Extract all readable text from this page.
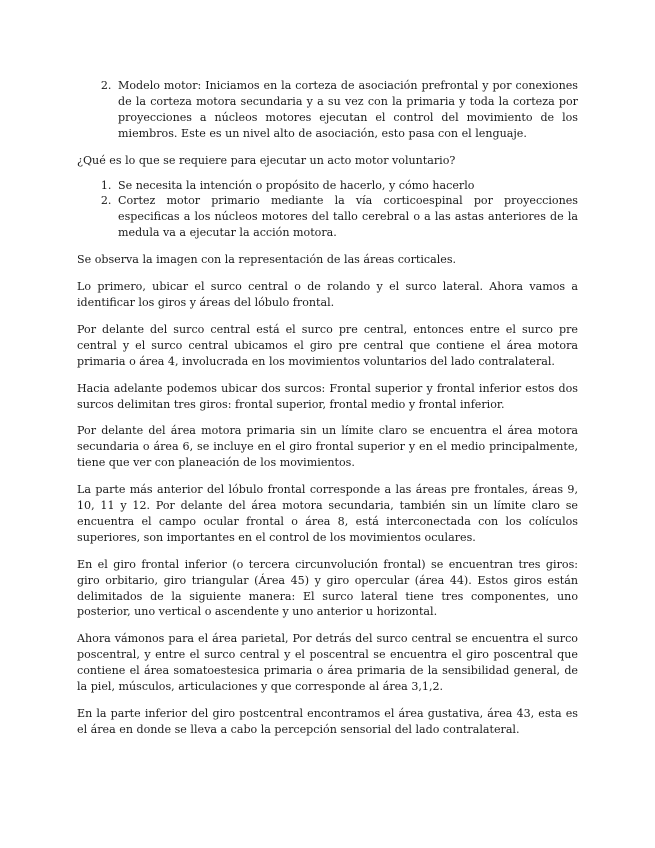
2. Modelo motor: Iniciamos en la corteza de asociación prefrontal y por conexiones de la corteza motora secundaria y a su vez con la primaria y toda la corteza por proyecciones a núcleos motores ejecutan el control del movimiento de los miembros. Este es un nivel alto de asociación, esto pasa con el lenguaje.

¿Qué es lo que se requiere para ejecutar un acto motor voluntario?

1. Se necesita la intención o propósito de hacerlo, y cómo hacerlo
2. Cortez motor primario mediante la vía corticoespinal por proyecciones especificas a los núcleos motores del tallo cerebral o a las astas anteriores de la medula va a ejecutar la acción motora.

Se observa la imagen con la representación de las áreas corticales.

Lo primero, ubicar el surco central o de rolando y el surco lateral. Ahora vamos a identificar los giros y áreas del lóbulo frontal.

Por delante del surco central está el surco pre central, entonces entre el surco pre central y el surco central ubicamos el giro pre central que contiene el área motora primaria o área 4, involucrada en los movimientos voluntarios del lado contralateral.

Hacia adelante podemos ubicar dos surcos: Frontal superior y frontal inferior estos dos surcos delimitan tres giros: frontal superior, frontal medio y frontal inferior.

Por delante del área motora primaria sin un límite claro se encuentra el área motora secundaria o área 6, se incluye en el giro frontal superior y en el medio principalmente, tiene que ver con planeación de los movimientos.

La parte más anterior del lóbulo frontal corresponde a las áreas pre frontales, áreas 9, 10, 11 y 12. Por delante del área motora secundaria, también sin un límite claro se encuentra el campo ocular frontal o área 8, está interconectada con los colículos superiores, son importantes en el control de los movimientos oculares.

En el giro frontal inferior (o tercera circunvolución frontal) se encuentran tres giros: giro orbitario, giro triangular (Área 45) y giro opercular (área 44). Estos giros están delimitados de la siguiente manera: El surco lateral tiene tres componentes, uno posterior, uno vertical o ascendente y uno anterior u horizontal.

Ahora vámonos para el área parietal, Por detrás del surco central se encuentra el surco poscentral, y entre el surco central y el poscentral se encuentra el giro poscentral que contiene el área somatoestesica primaria o área primaria de la sensibilidad general, de la piel, músculos, articulaciones y que corresponde al área 3,1,2.

En la parte inferior del giro postcentral encontramos el área gustativa, área 43, esta es el área en donde se lleva a cabo la percepción sensorial del lado contralateral.
